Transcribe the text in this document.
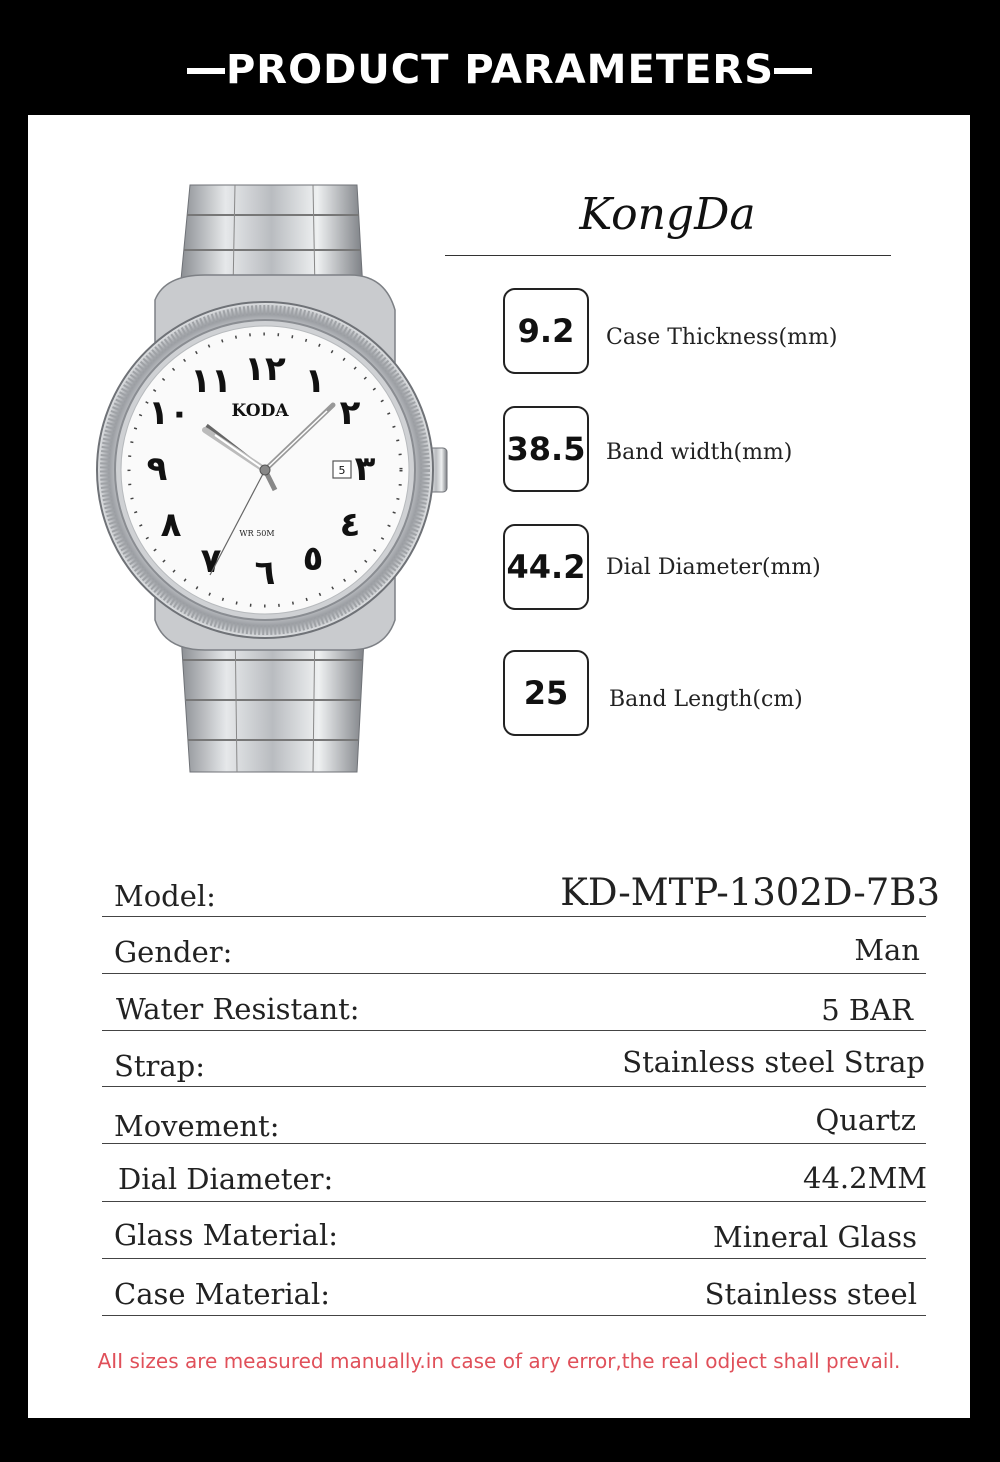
PRODUCT PARAMETERS
١٢ ١
٢
٣
٤
٥
٦
٧
٨
٩
١٠
١١
KODA
WR 50M
5
KongDa
9.2	Case Thickness(mm)
38.5 Band width(mm)
44.2 Dial Diameter(mm)
25	Band Length(cm)
Model:	KD-MTP-1302D-7B3
Gender:	Man
Water Resistant:	5 BAR
Strap:	Stainless steel Strap
Movement:	Quartz
Dial Diameter:	44.2MM
Glass Material:	Mineral Glass
Case Material:	Stainless steel
AII sizes are measured manually.in case of ary error,the real odject shall prevail.
